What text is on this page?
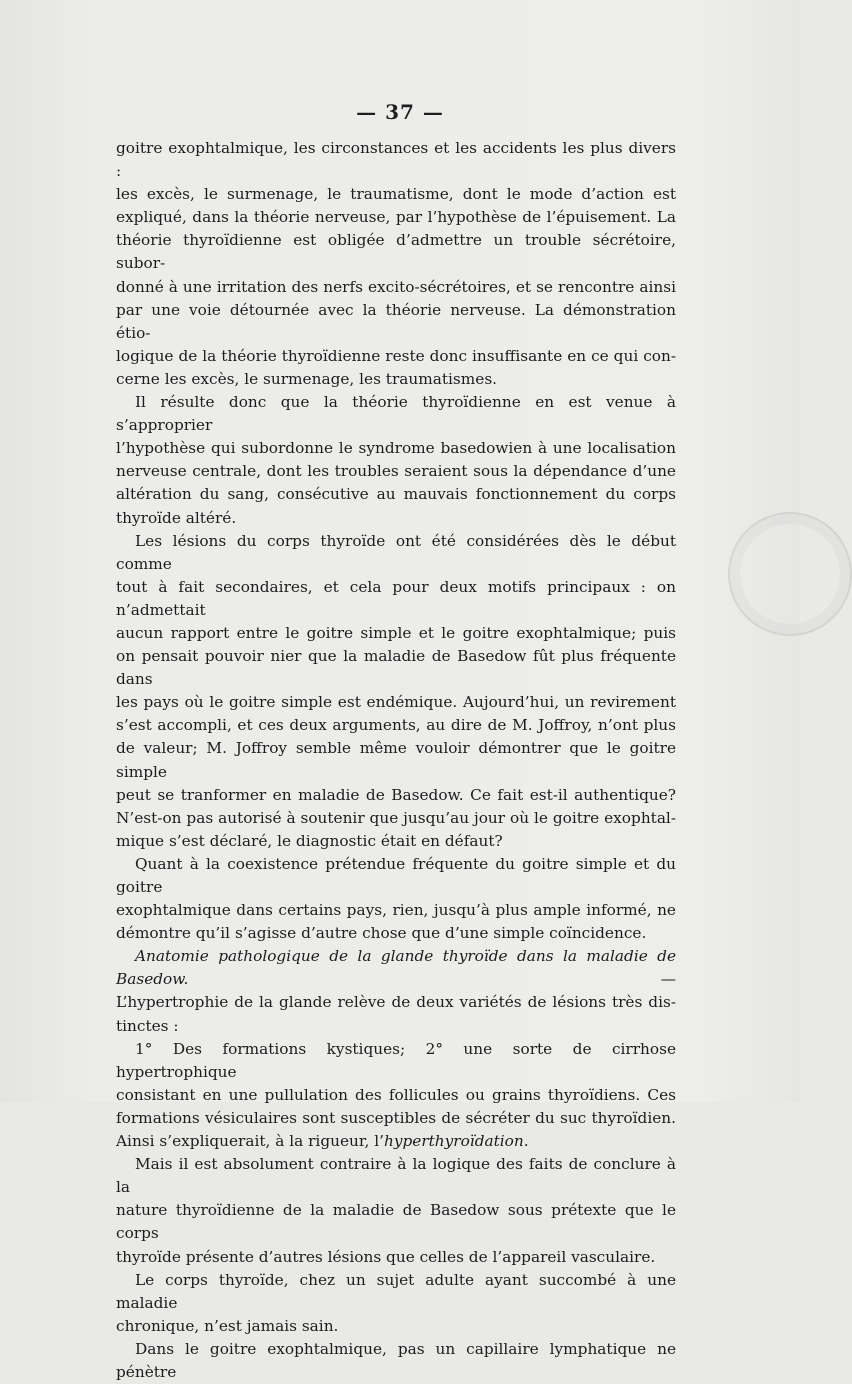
— 37 —

goitre exophtalmique, les circonstances et les accidents les plus divers :

les excès, le surmenage, le traumatisme, dont le mode d’action est

expliqué, dans la théorie nerveuse, par l’hypothèse de l’épuisement. La

théorie thyroïdienne est obligée d’admettre un trouble sécrétoire, subor-

donné à une irritation des nerfs excito-sécrétoires, et se rencontre ainsi

par une voie détournée avec la théorie nerveuse. La démonstration étio-

logique de la théorie thyroïdienne reste donc insuffisante en ce qui con-

cerne les excès, le surmenage, les traumatismes.

Il résulte donc que la théorie thyroïdienne en est venue à s’approprier

l’hypothèse qui subordonne le syndrome basedowien à une localisation

nerveuse centrale, dont les troubles seraient sous la dépendance d’une

altération du sang, consécutive au mauvais fonctionnement du corps

thyroïde altéré.

Les lésions du corps thyroïde ont été considérées dès le début comme

tout à fait secondaires, et cela pour deux motifs principaux : on n’admettait

aucun rapport entre le goitre simple et le goitre exophtalmique; puis

on pensait pouvoir nier que la maladie de Basedow fût plus fréquente dans

les pays où le goitre simple est endémique. Aujourd’hui, un revirement

s’est accompli, et ces deux arguments, au dire de M. Joffroy, n’ont plus

de valeur; M. Joffroy semble même vouloir démontrer que le goitre simple

peut se tranformer en maladie de Basedow. Ce fait est-il authentique?

N’est-on pas autorisé à soutenir que jusqu’au jour où le goitre exophtal-

mique s’est déclaré, le diagnostic était en défaut?

Quant à la coexistence prétendue fréquente du goitre simple et du goitre

exophtalmique dans certains pays, rien, jusqu’à plus ample informé, ne

démontre qu’il s’agisse d’autre chose que d’une simple coïncidence.

Anatomie pathologique de la glande thyroïde dans la maladie de Basedow. —

L’hypertrophie de la glande relève de deux variétés de lésions très dis-

tinctes :

1° Des formations kystiques; 2° une sorte de cirrhose hypertrophique

consistant en une pullulation des follicules ou grains thyroïdiens. Ces

formations vésiculaires sont susceptibles de sécréter du suc thyroïdien.

Ainsi s’expliquerait, à la rigueur, l’hyperthyroïdation.

Mais il est absolument contraire à la logique des faits de conclure à la

nature thyroïdienne de la maladie de Basedow sous prétexte que le corps

thyroïde présente d’autres lésions que celles de l’appareil vasculaire.

Le corps thyroïde, chez un sujet adulte ayant succombé à une maladie

chronique, n’est jamais sain.

Dans le goitre exophtalmique, pas un capillaire lymphatique ne pénètre
